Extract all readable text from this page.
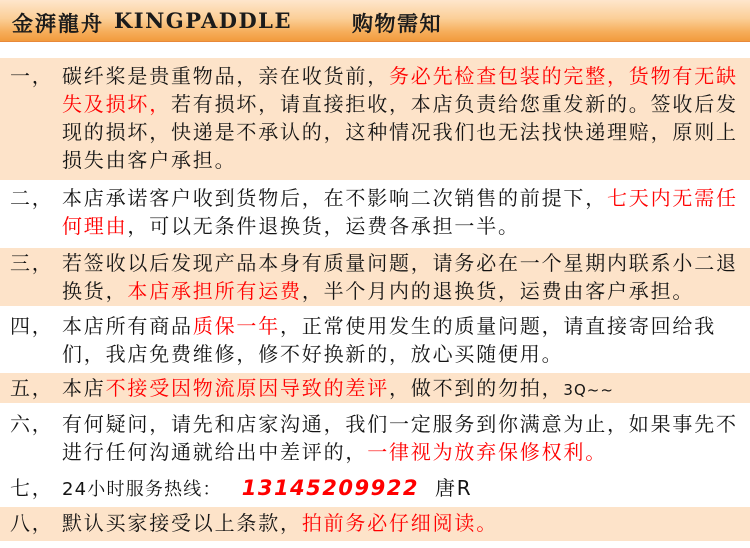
金湃龍舟 KINGPADDLE	购物需知
一， 碳纤桨是贵重物品，亲在收货前，务必先检查包装的完整，货物有无缺
失及损坏，若有损坏，请直接拒收，本店负责给您重发新的。签收后发
现的损坏，快递是不承认的，这种情况我们也无法找快递理赔，原则上
损失由客户承担。
二， 本店承诺客户收到货物后，在不影响二次销售的前提下，七天内无需任
何理由，可以无条件退换货，运费各承担一半。
三， 若签收以后发现产品本身有质量问题，请务必在一个星期内联系小二退
换货，本店承担所有运费，半个月内的退换货，运费由客户承担。
四， 本店所有商品质保一年，正常使用发生的质量问题，请直接寄回给我
们，我店免费维修，修不好换新的，放心买随便用。
五， 本店不接受因物流原因导致的差评，做不到的勿拍，3Q~~
六， 有何疑问，请先和店家沟通，我们一定服务到你满意为止，如果事先不
进行任何沟通就给出中差评的，一律视为放弃保修权利。
七， 24小时服务热线： 13145209922 唐R
八， 默认买家接受以上条款，拍前务必仔细阅读。
